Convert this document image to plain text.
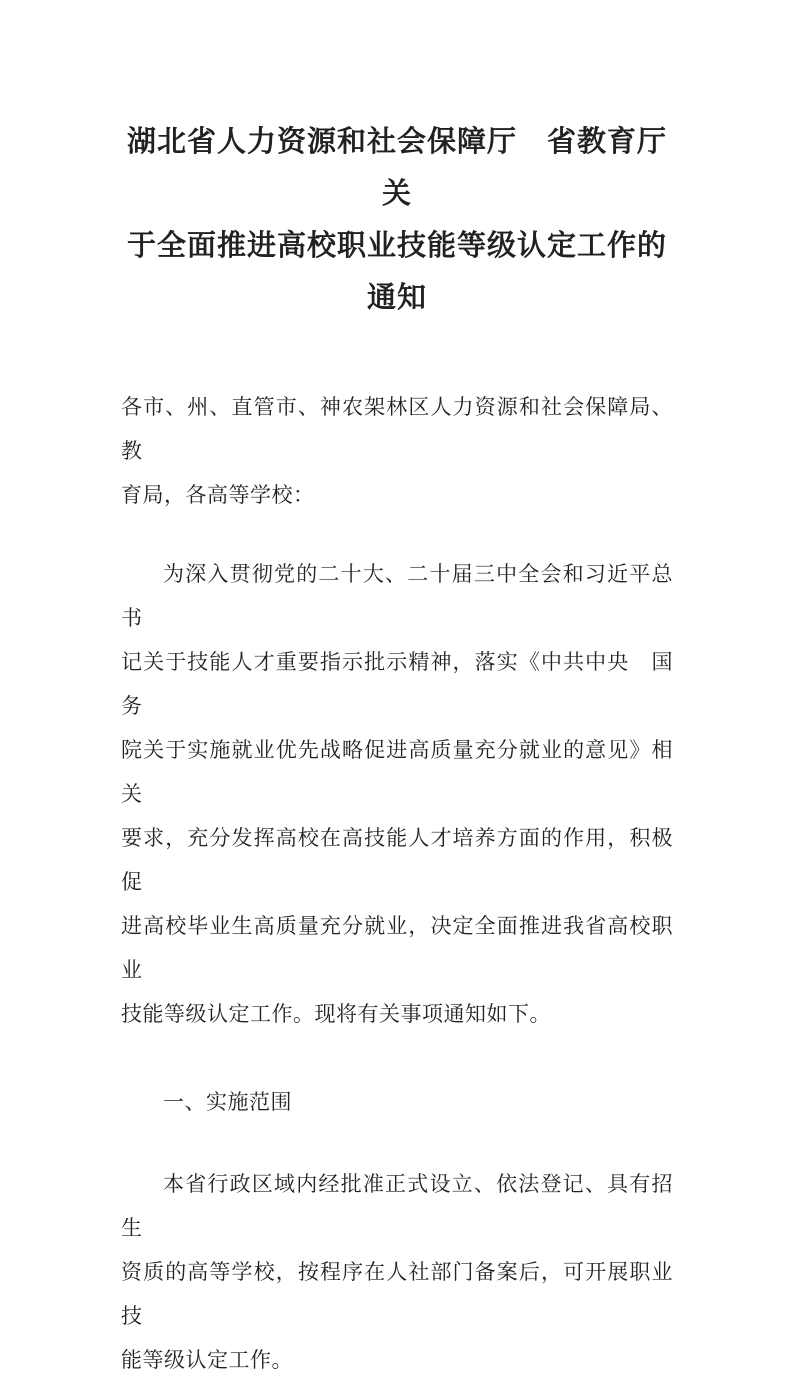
湖北省人力资源和社会保障厅　省教育厅关
于全面推进高校职业技能等级认定工作的
通知
各市、州、直管市、神农架林区人力资源和社会保障局、教
育局，各高等学校：
为深入贯彻党的二十大、二十届三中全会和习近平总书
记关于技能人才重要指示批示精神，落实《中共中央　国务
院关于实施就业优先战略促进高质量充分就业的意见》相关
要求，充分发挥高校在高技能人才培养方面的作用，积极促
进高校毕业生高质量充分就业，决定全面推进我省高校职业
技能等级认定工作。现将有关事项通知如下。
一、实施范围
本省行政区域内经批准正式设立、依法登记、具有招生
资质的高等学校，按程序在人社部门备案后，可开展职业技
能等级认定工作。
